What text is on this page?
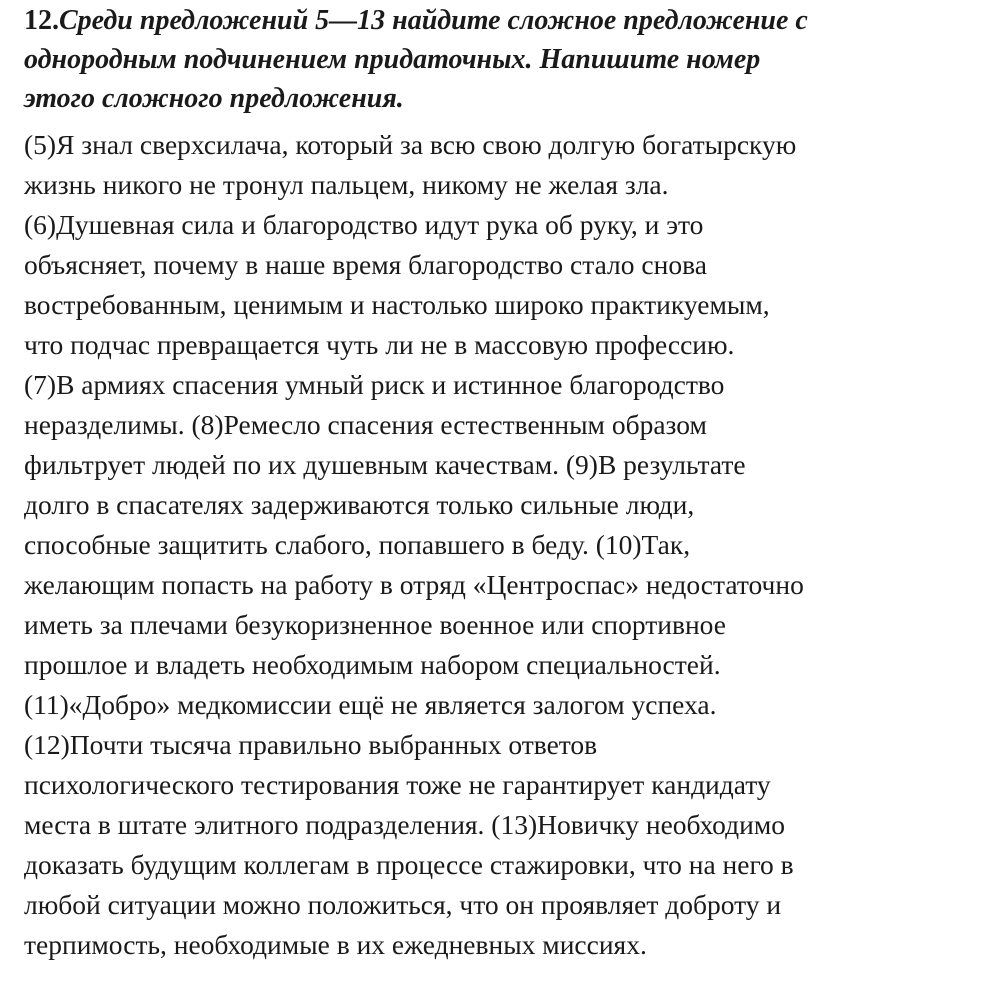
12.Среди предложений 5—13 найдите сложное предложение с
однородным подчинением придаточных. Напишите номер
этого сложного предложения.
(5)Я знал сверхсилача, который за всю свою долгую богатырскую
жизнь никого не тронул пальцем, никому не желая зла.
(6)Душевная сила и благородство идут рука об руку, и это
объясняет, почему в наше время благородство стало снова
востребованным, ценимым и настолько широко практикуемым,
что подчас превращается чуть ли не в массовую профессию.
(7)В армиях спасения умный риск и истинное благородство
неразделимы. (8)Ремесло спасения естественным образом
фильтрует людей по их душевным качествам. (9)В результате
долго в спасателях задерживаются только сильные люди,
способные защитить слабого, попавшего в беду. (10)Так,
желающим попасть на работу в отряд «Центроспас» недостаточно
иметь за плечами безукоризненное военное или спортивное
прошлое и владеть необходимым набором специальностей.
(11)«Добро» медкомиссии ещё не является залогом успеха.
(12)Почти тысяча правильно выбранных ответов
психологического тестирования тоже не гарантирует кандидату
места в штате элитного подразделения. (13)Новичку необходимо
доказать будущим коллегам в процессе стажировки, что на него в
любой ситуации можно положиться, что он проявляет доброту и
терпимость, необходимые в их ежедневных миссиях.
